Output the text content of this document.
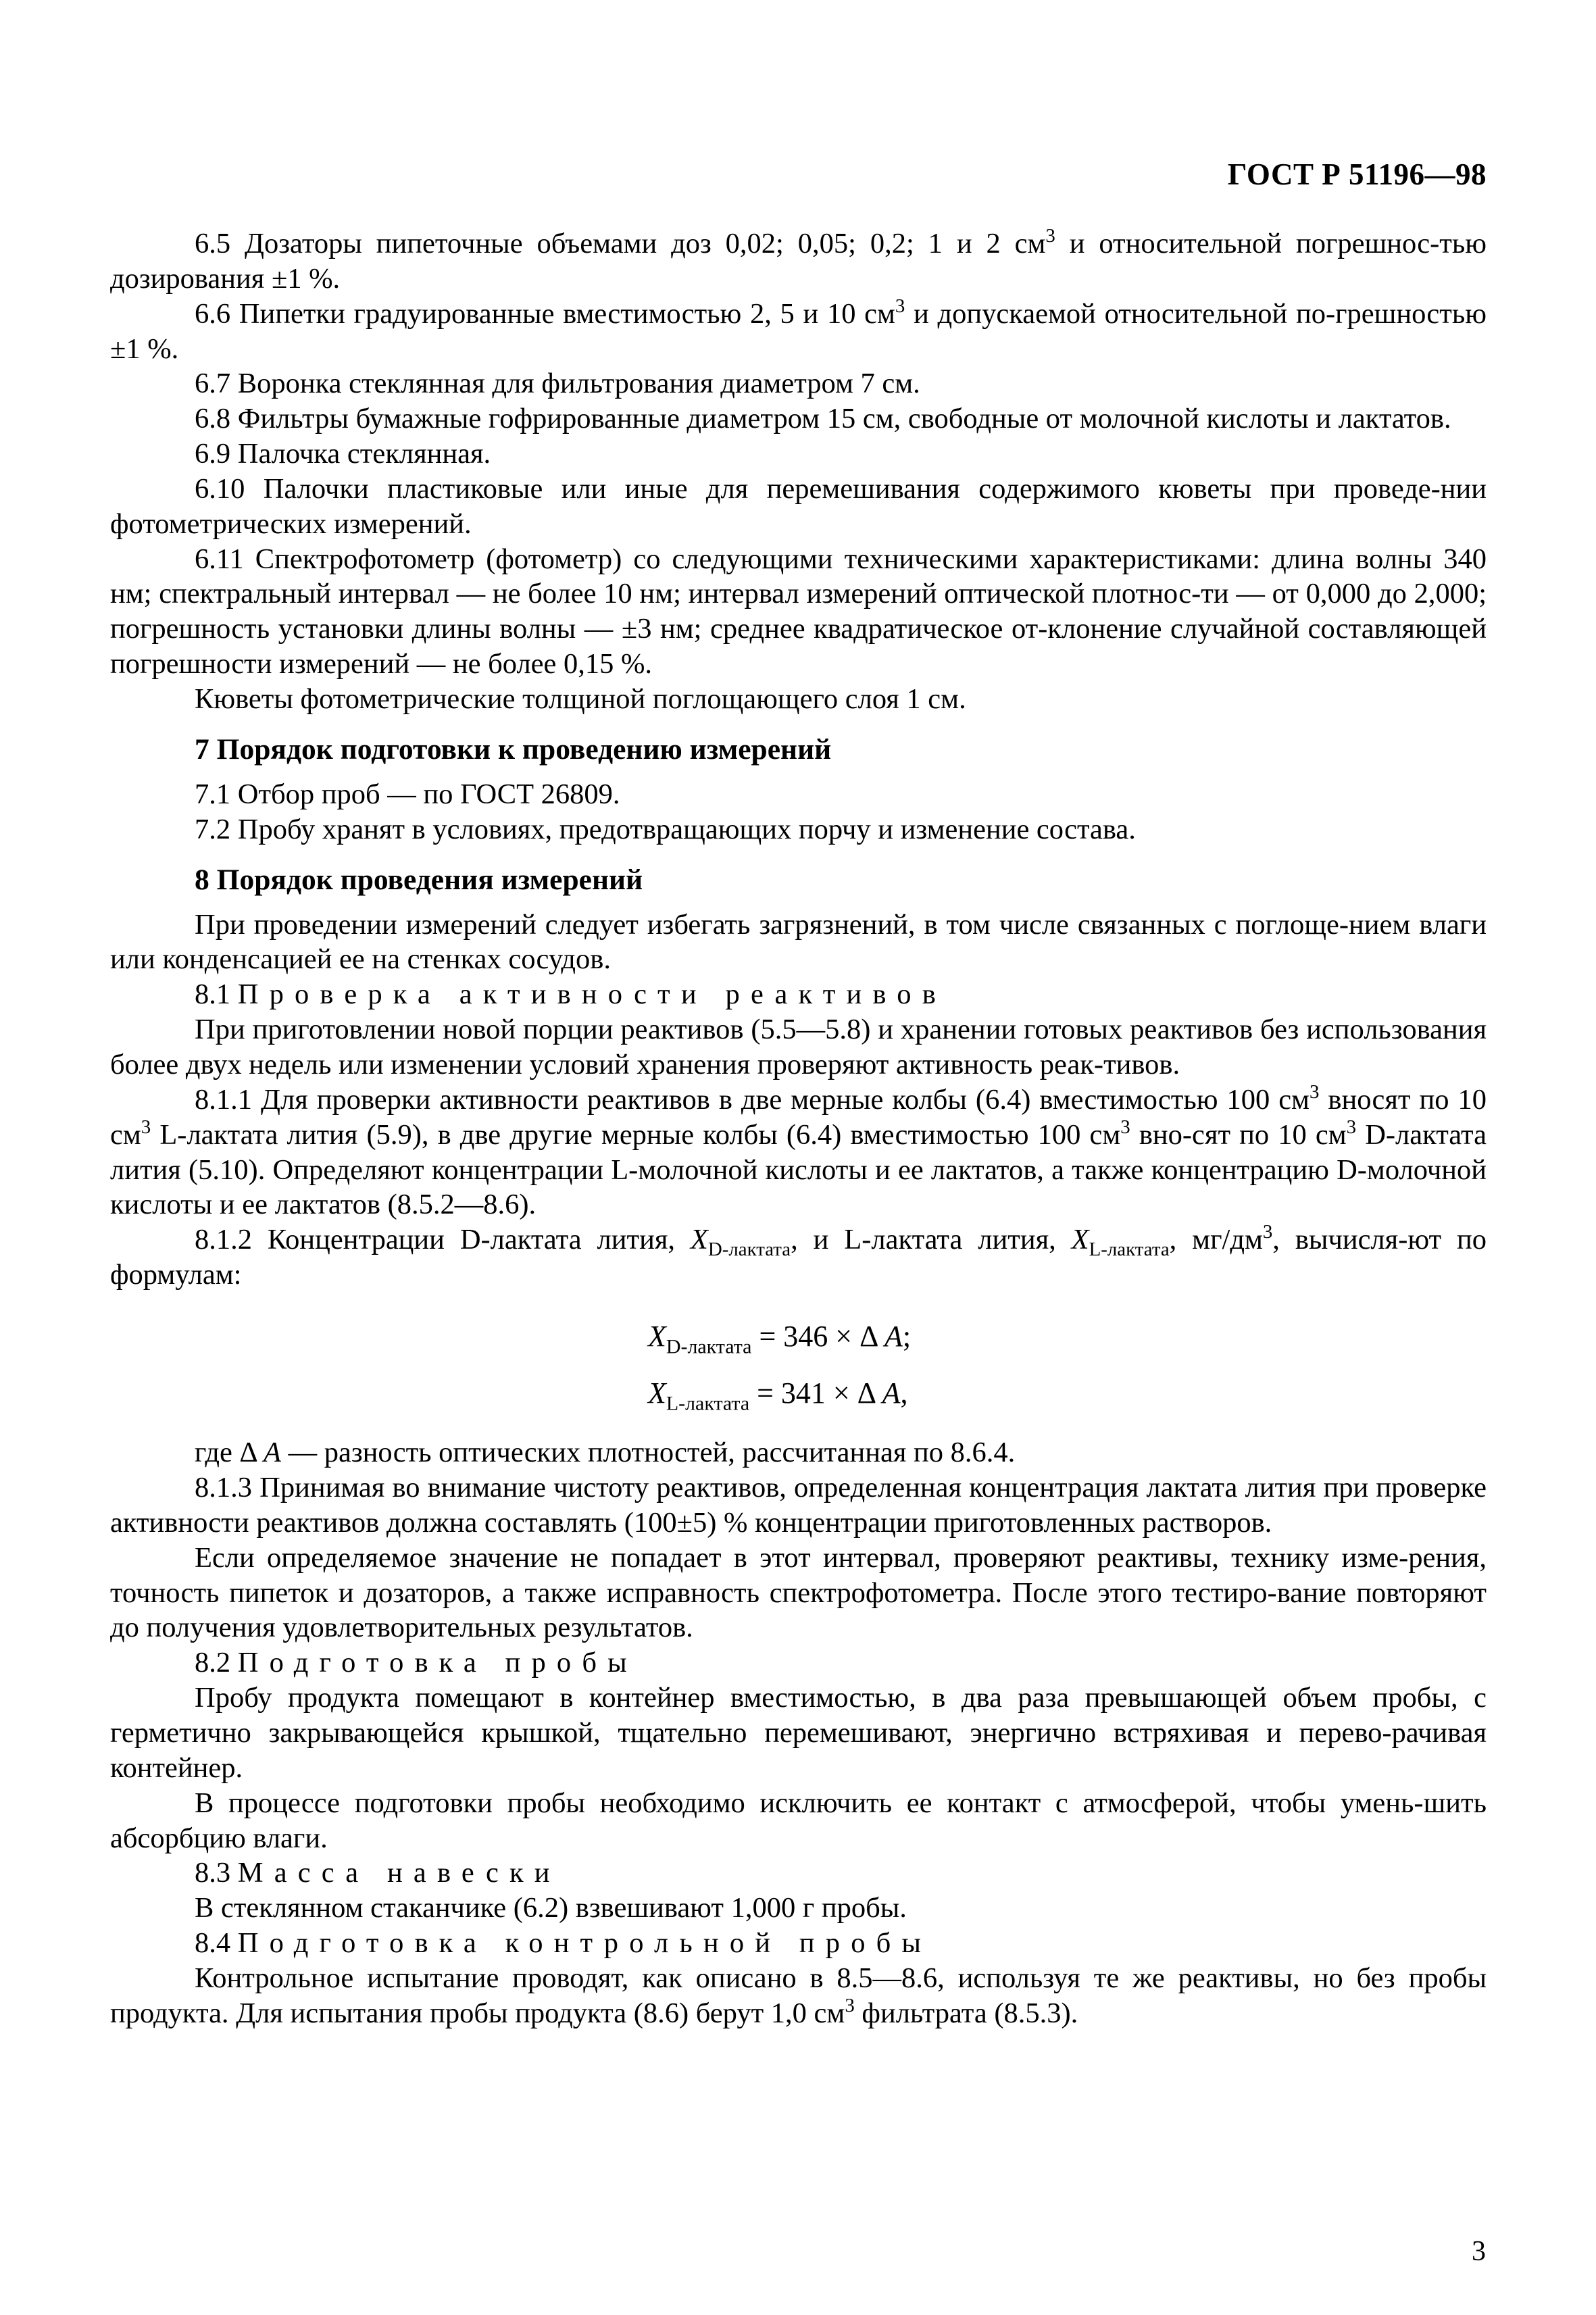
ГОСТ Р 51196—98

6.5 Дозаторы пипеточные объемами доз 0,02; 0,05; 0,2; 1 и 2 $см^3$ и относительной погрешнос-тью дозирования ±1 %.

6.6 Пипетки градуированные вместимостью 2, 5 и 10 $см^3$ и допускаемой относительной по-грешностью ±1 %.

6.7 Воронка стеклянная для фильтрования диаметром 7 см.

6.8 Фильтры бумажные гофрированные диаметром 15 см, свободные от молочной кислоты и лактатов.

6.9 Палочка стеклянная.

6.10 Палочки пластиковые или иные для перемешивания содержимого кюветы при проведе-нии фотометрических измерений.

6.11 Спектрофотометр (фотометр) со следующими техническими характеристиками: длина волны 340 нм; спектральный интервал — не более 10 нм; интервал измерений оптической плотнос-ти — от 0,000 до 2,000; погрешность установки длины волны — ±3 нм; среднее квадратическое от-клонение случайной составляющей погрешности измерений — не более 0,15 %.

Кюветы фотометрические толщиной поглощающего слоя 1 см.

7 Порядок подготовки к проведению измерений

7.1 Отбор проб — по ГОСТ 26809.

7.2 Пробу хранят в условиях, предотвращающих порчу и изменение состава.

8 Порядок проведения измерений

При проведении измерений следует избегать загрязнений, в том числе связанных с поглоще-нием влаги или конденсацией ее на стенках сосудов.

8.1 Проверка активности реактивов

При приготовлении новой порции реактивов (5.5—5.8) и хранении готовых реактивов без использования более двух недель или изменении условий хранения проверяют активность реак-тивов.

8.1.1 Для проверки активности реактивов в две мерные колбы (6.4) вместимостью 100 $см^3$ вносят по 10 $см^3$ L-лактата лития (5.9), в две другие мерные колбы (6.4) вместимостью 100 $см^3$ вно-сят по 10 $см^3$ D-лактата лития (5.10). Определяют концентрации L-молочной кислоты и ее лактатов, а также концентрацию D-молочной кислоты и ее лактатов (8.5.2—8.6).

8.1.2 Концентрации D-лактата лития, $X_{D-лактата}$, и L-лактата лития, $X_{L-лактата}$, $мг/дм^3$, вычисля-ют по формулам:

$X_{D-лактата} = 346 \times \Delta$ A;
$X_{L-лактата} = 341 \times \Delta$ A,

где Δ A — разность оптических плотностей, рассчитанная по 8.6.4.

8.1.3 Принимая во внимание чистоту реактивов, определенная концентрация лактата лития при проверке активности реактивов должна составлять (100±5) % концентрации приготовленных растворов.

Если определяемое значение не попадает в этот интервал, проверяют реактивы, технику изме-рения, точность пипеток и дозаторов, а также исправность спектрофотометра. После этого тестиро-вание повторяют до получения удовлетворительных результатов.

8.2 Подготовка пробы

Пробу продукта помещают в контейнер вместимостью, в два раза превышающей объем пробы, с герметично закрывающейся крышкой, тщательно перемешивают, энергично встряхивая и перево-рачивая контейнер.

В процессе подготовки пробы необходимо исключить ее контакт с атмосферой, чтобы умень-шить абсорбцию влаги.

8.3 Масса навески

В стеклянном стаканчике (6.2) взвешивают 1,000 г пробы.

8.4 Подготовка контрольной пробы

Контрольное испытание проводят, как описано в 8.5—8.6, используя те же реактивы, но без пробы продукта. Для испытания пробы продукта (8.6) берут 1,0 $см^3$ фильтрата (8.5.3).

3
